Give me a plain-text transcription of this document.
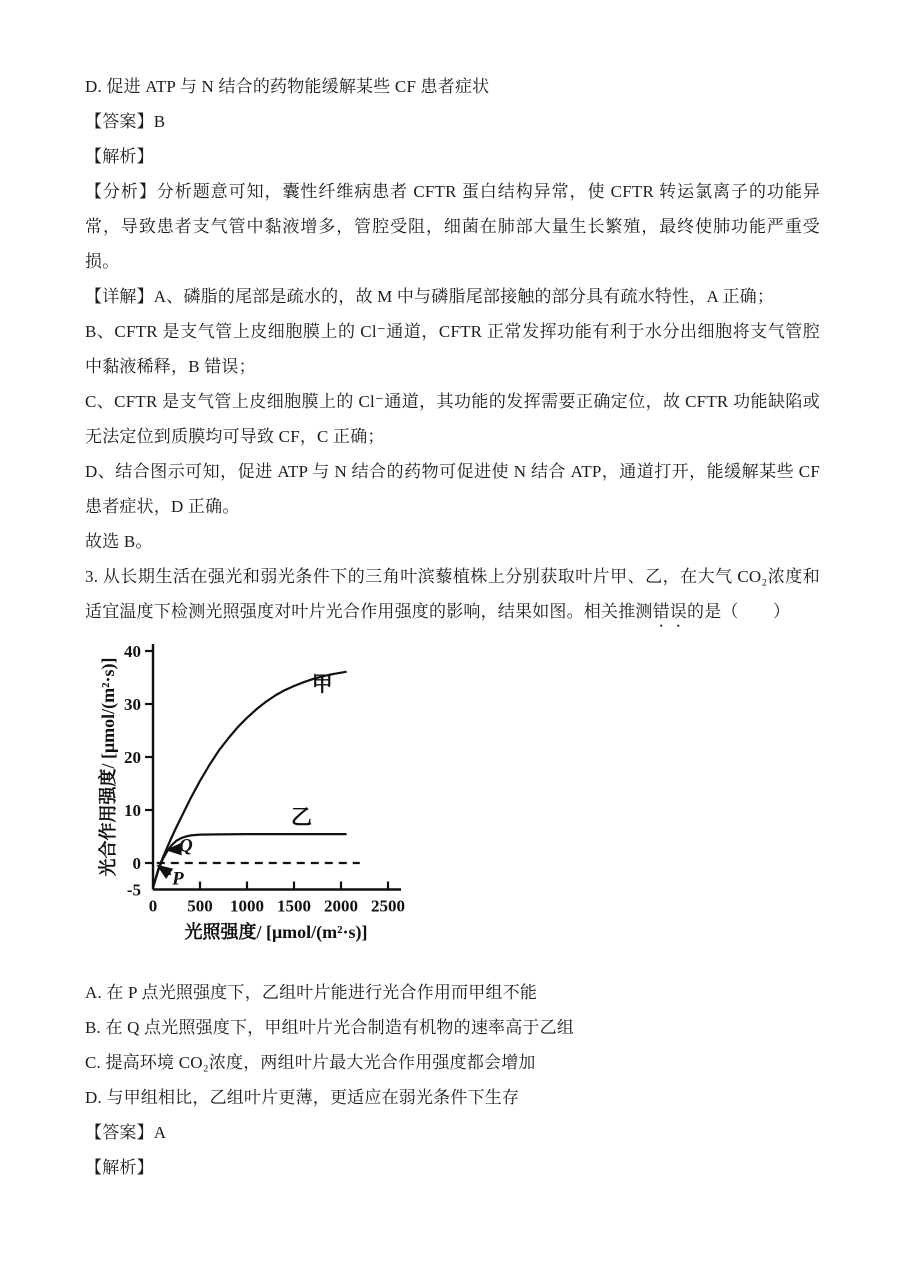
D. 促进 ATP 与 N 结合的药物能缓解某些 CF 患者症状

【答案】B

【解析】

【分析】分析题意可知，囊性纤维病患者 CFTR 蛋白结构异常，使 CFTR 转运氯离子的功能异常，导致患者支气管中黏液增多，管腔受阻，细菌在肺部大量生长繁殖，最终使肺功能严重受损。

【详解】A、磷脂的尾部是疏水的，故 M 中与磷脂尾部接触的部分具有疏水特性，A 正确；

B、CFTR 是支气管上皮细胞膜上的 Cl⁻通道，CFTR 正常发挥功能有利于水分出细胞将支气管腔中黏液稀释，B 错误；

C、CFTR 是支气管上皮细胞膜上的 Cl⁻通道，其功能的发挥需要正确定位，故 CFTR 功能缺陷或无法定位到质膜均可导致 CF，C 正确；

D、结合图示可知，促进 ATP 与 N 结合的药物可促进使 N 结合 ATP，通道打开，能缓解某些 CF 患者症状，D 正确。

故选 B。

3. 从长期生活在强光和弱光条件下的三角叶滨藜植株上分别获取叶片甲、乙，在大气 CO₂浓度和适宜温度下检测光照强度对叶片光合作用强度的影响，结果如图。相关推测错误的是（　　）

-5
0
10
20
30
40
0 500 1000 1500 2000 2500
甲
乙
P
Q
光合作用强度/ [μmol/(m²·s)]
光照强度/ [μmol/(m²·s)]

A. 在 P 点光照强度下，乙组叶片能进行光合作用而甲组不能

B. 在 Q 点光照强度下，甲组叶片光合制造有机物的速率高于乙组

C. 提高环境 CO₂浓度，两组叶片最大光合作用强度都会增加

D. 与甲组相比，乙组叶片更薄，更适应在弱光条件下生存

【答案】A

【解析】
